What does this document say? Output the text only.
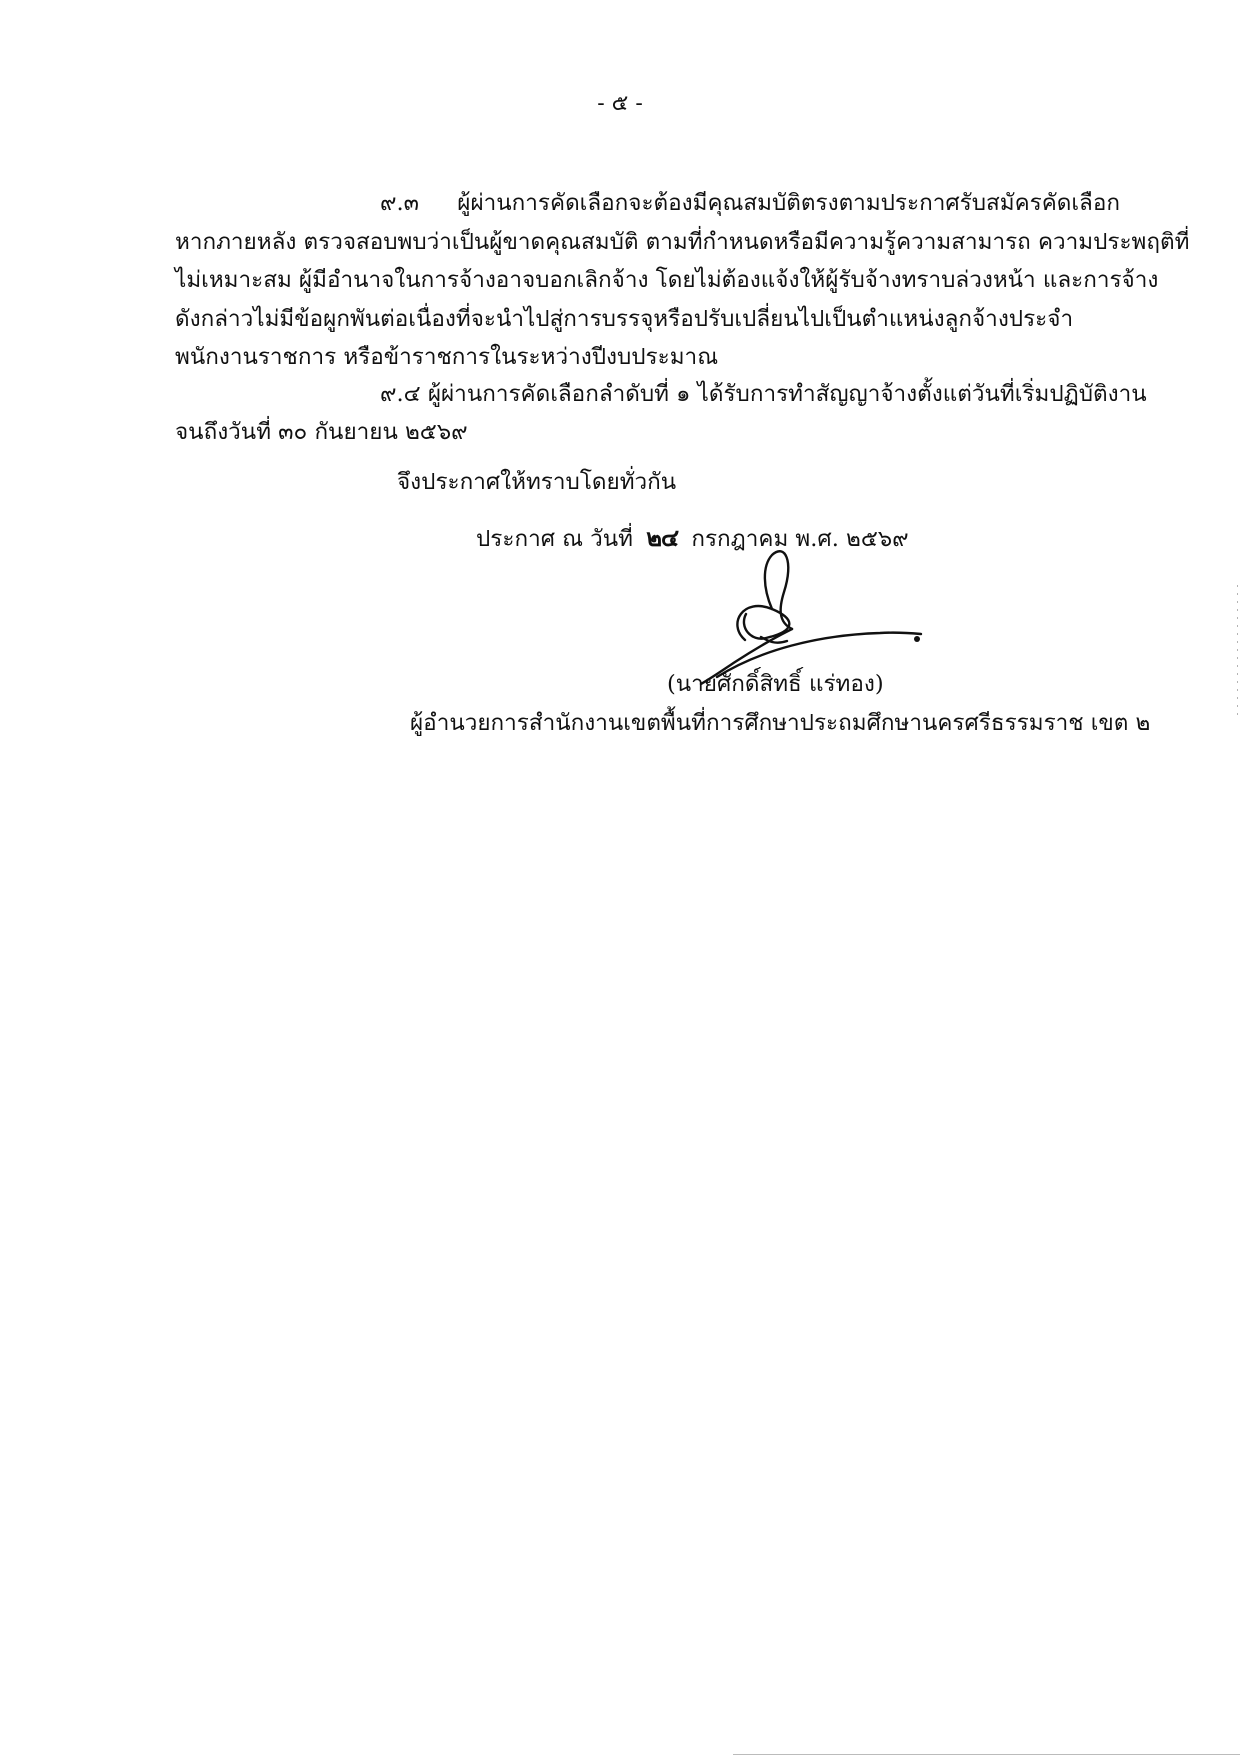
- ๕ -
๙.๓ ผู้ผ่านการคัดเลือกจะต้องมีคุณสมบัติตรงตามประกาศรับสมัครคัดเลือก
หากภายหลัง ตรวจสอบพบว่าเป็นผู้ขาดคุณสมบัติ ตามที่กำหนดหรือมีความรู้ความสามารถ ความประพฤติที่
ไม่เหมาะสม ผู้มีอำนาจในการจ้างอาจบอกเลิกจ้าง โดยไม่ต้องแจ้งให้ผู้รับจ้างทราบล่วงหน้า และการจ้าง
ดังกล่าวไม่มีข้อผูกพันต่อเนื่องที่จะนำไปสู่การบรรจุหรือปรับเปลี่ยนไปเป็นตำแหน่งลูกจ้างประจำ
พนักงานราชการ หรือข้าราชการในระหว่างปีงบประมาณ
๙.๔ ผู้ผ่านการคัดเลือกลำดับที่ ๑ ได้รับการทำสัญญาจ้างตั้งแต่วันที่เริ่มปฏิบัติงาน
จนถึงวันที่ ๓๐ กันยายน ๒๕๖๙
จึงประกาศให้ทราบโดยทั่วกัน
ประกาศ ณ วันที่ ๒๔ กรกฎาคม พ.ศ. ๒๕๖๙
(นายศักดิ์สิทธิ์ แร่ทอง)
ผู้อำนวยการสำนักงานเขตพื้นที่การศึกษาประถมศึกษานครศรีธรรมราช เขต ๒
